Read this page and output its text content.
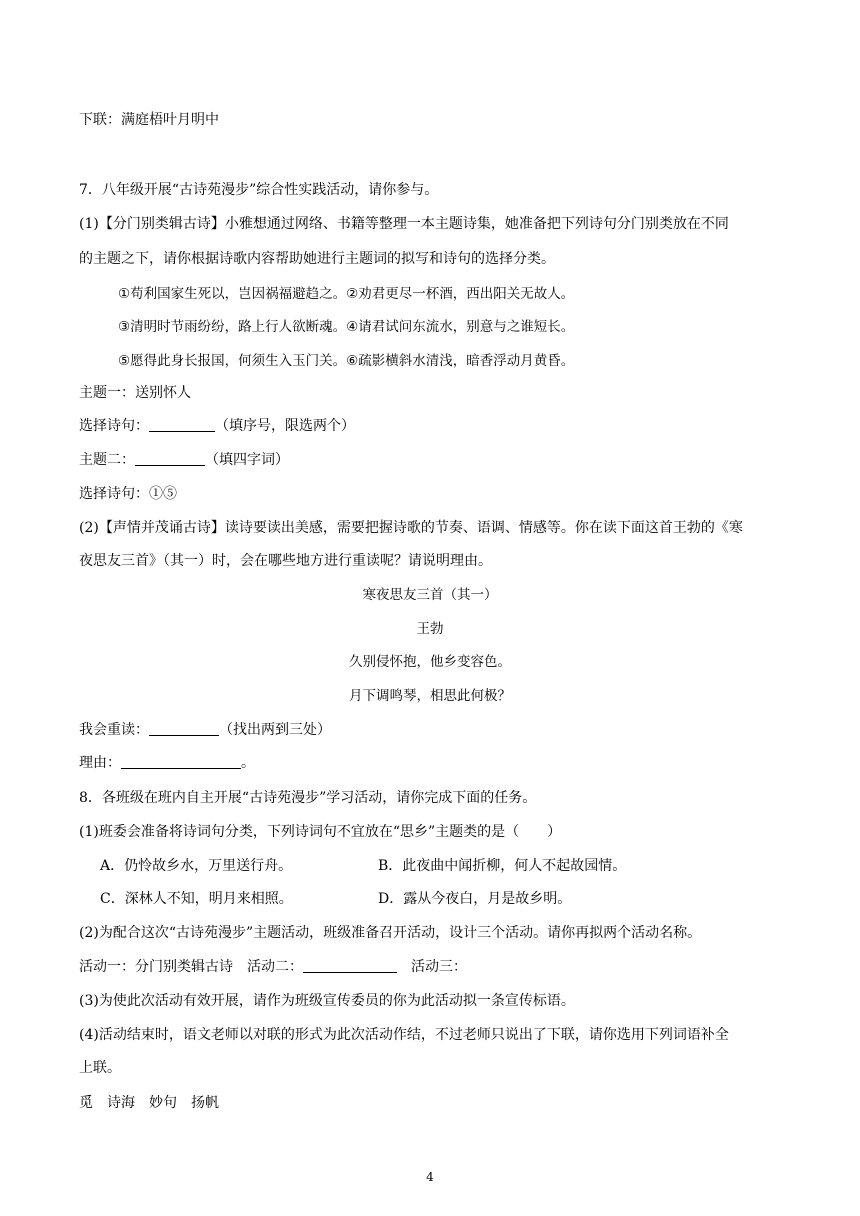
下联：满庭梧叶月明中
7．八年级开展“古诗苑漫步”综合性实践活动，请你参与。
(1)【分门别类辑古诗】小雅想通过网络、书籍等整理一本主题诗集，她准备把下列诗句分门别类放在不同
的主题之下，请你根据诗歌内容帮助她进行主题词的拟写和诗句的选择分类。
①苟利国家生死以，岂因祸福避趋之。②劝君更尽一杯酒，西出阳关无故人。
③清明时节雨纷纷，路上行人欲断魂。④请君试问东流水，别意与之谁短长。
⑤愿得此身长报国，何须生入玉门关。⑥疏影横斜水清浅，暗香浮动月黄昏。
主题一：送别怀人
选择诗句：	（填序号，限选两个）
主题二：	（填四字词）
选择诗句：①⑤
(2)【声情并茂诵古诗】读诗要读出美感，需要把握诗歌的节奏、语调、情感等。你在读下面这首王勃的《寒
夜思友三首》（其一）时，会在哪些地方进行重读呢？请说明理由。
寒夜思友三首（其一）
王勃
久别侵怀抱，他乡变容色。
月下调鸣琴，相思此何极？
我会重读：	（找出两到三处）
理由：	。
8．各班级在班内自主开展“古诗苑漫步”学习活动，请你完成下面的任务。
(1)班委会准备将诗词句分类，下列诗词句不宜放在“思乡”主题类的是（　　）
A．仍怜故乡水，万里送行舟。	B．此夜曲中闻折柳，何人不起故园情。
C．深林人不知，明月来相照。	D．露从今夜白，月是故乡明。
(2)为配合这次“古诗苑漫步”主题活动，班级准备召开活动，设计三个活动。请你再拟两个活动名称。
活动一：分门别类辑古诗 活动二：	活动三：
(3)为使此次活动有效开展，请作为班级宣传委员的你为此活动拟一条宣传标语。
(4)活动结束时，语文老师以对联的形式为此次活动作结，不过老师只说出了下联，请你选用下列词语补全
上联。
觅 诗海 妙句 扬帆
4
